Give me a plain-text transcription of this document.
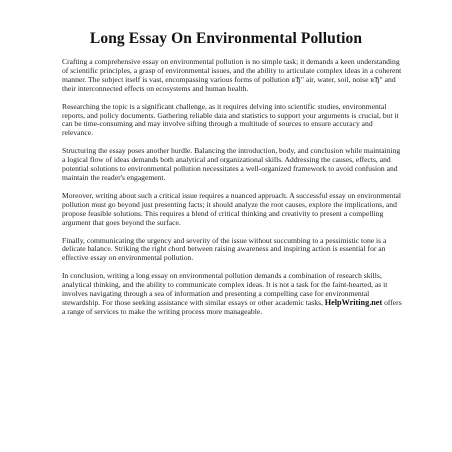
Long Essay On Environmental Pollution

Crafting a comprehensive essay on environmental pollution is no simple task; it demands a keen understanding of scientific principles, a grasp of environmental issues, and the ability to articulate complex ideas in a coherent manner. The subject itself is vast, encompassing various forms of pollution вЂ" air, water, soil, noise вЂ" and their interconnected effects on ecosystems and human health.

Researching the topic is a significant challenge, as it requires delving into scientific studies, environmental reports, and policy documents. Gathering reliable data and statistics to support your arguments is crucial, but it can be time-consuming and may involve sifting through a multitude of sources to ensure accuracy and relevance.

Structuring the essay poses another hurdle. Balancing the introduction, body, and conclusion while maintaining a logical flow of ideas demands both analytical and organizational skills. Addressing the causes, effects, and potential solutions to environmental pollution necessitates a well-organized framework to avoid confusion and maintain the reader's engagement.

Moreover, writing about such a critical issue requires a nuanced approach. A successful essay on environmental pollution must go beyond just presenting facts; it should analyze the root causes, explore the implications, and propose feasible solutions. This requires a blend of critical thinking and creativity to present a compelling argument that goes beyond the surface.

Finally, communicating the urgency and severity of the issue without succumbing to a pessimistic tone is a delicate balance. Striking the right chord between raising awareness and inspiring action is essential for an effective essay on environmental pollution.

In conclusion, writing a long essay on environmental pollution demands a combination of research skills, analytical thinking, and the ability to communicate complex ideas. It is not a task for the faint-hearted, as it involves navigating through a sea of information and presenting a compelling case for environmental stewardship. For those seeking assistance with similar essays or other academic tasks, HelpWriting.net offers a range of services to make the writing process more manageable.
